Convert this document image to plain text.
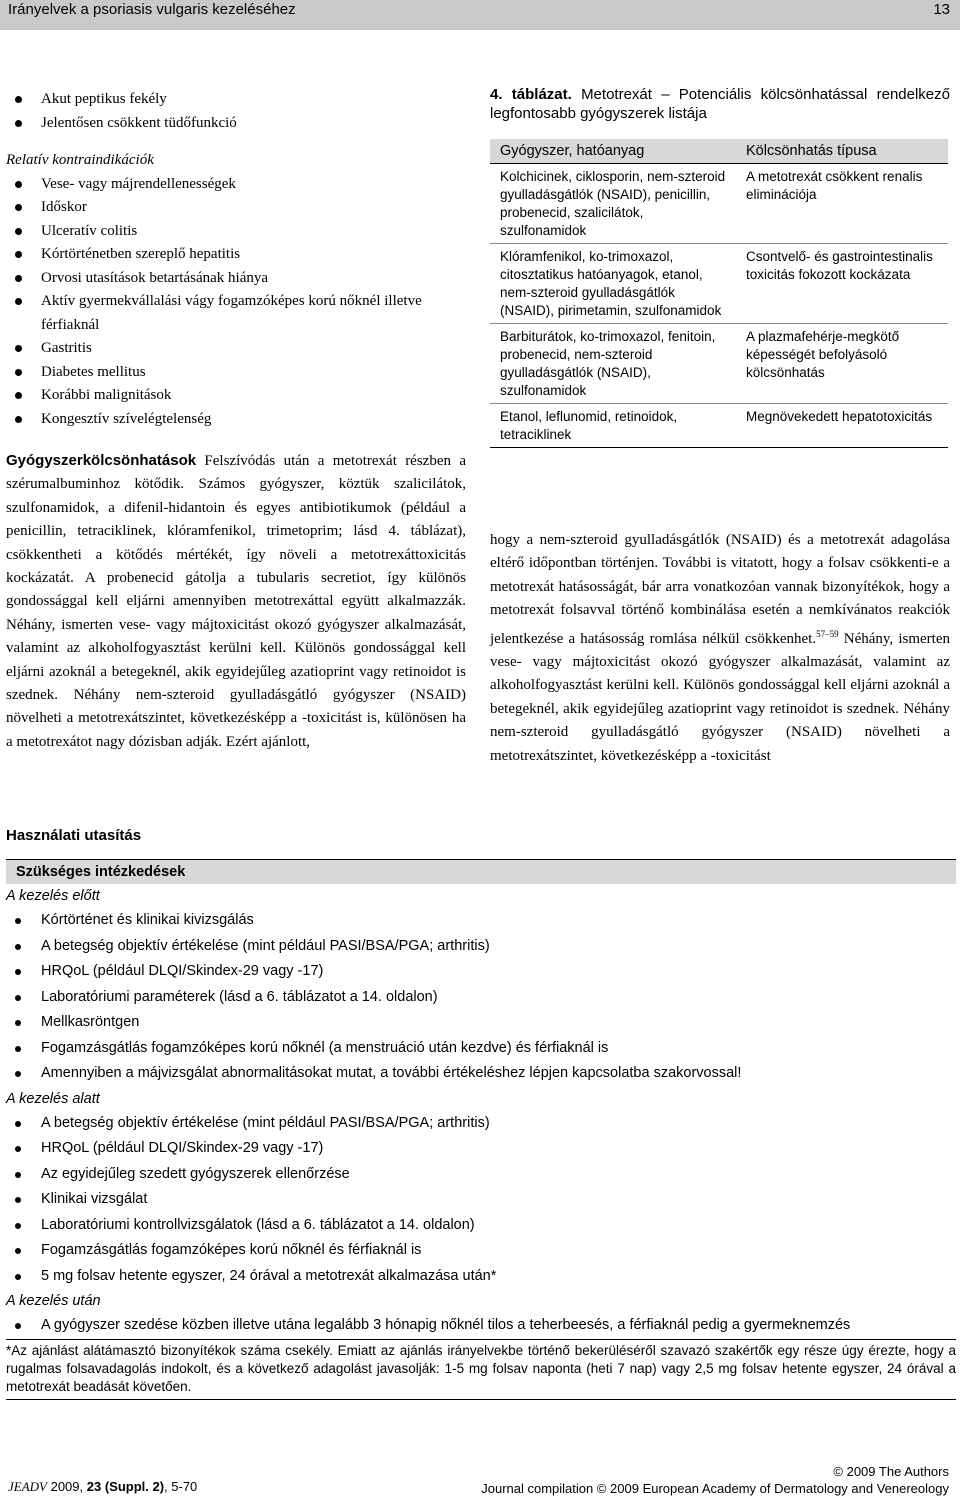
Irányelvek a psoriasis vulgaris kezeléséhez	13
Akut peptikus fekély
Jelentősen csökkent tüdőfunkció
Relatív kontraindikációk
Vese- vagy májrendellenességek
Időskor
Ulceratív colitis
Kórtörténetben szereplő hepatitis
Orvosi utasítások betartásának hiánya
Aktív gyermekvállalási vágy fogamzóképes korú nőknél illetve férfiaknál
Gastritis
Diabetes mellitus
Korábbi malignitások
Kongesztív szívelégtelenség
Gyógyszerkölcsönhatások Felszívódás után a metotrexát részben a szérumalbuminhoz kötődik. Számos gyógyszer, köztük szalicilátok, szulfonamidok, a difenil-hidantoin és egyes antibiotikumok (például a penicillin, tetraciklinek, klóramfenikol, trimetoprim; lásd 4. táblázat), csökkentheti a kötődés mértékét, így növeli a metotrexáttoxicitás kockázatát. A probenecid gátolja a tubularis secretiot, így különös gondossággal kell eljárni amennyiben metotrexáttal együtt alkalmazzák. Néhány, ismerten vese- vagy májtoxicitást okozó gyógyszer alkalmazását, valamint az alkoholfogyasztást kerülni kell. Különös gondossággal kell eljárni azoknál a betegeknél, akik egyidejűleg azatioprint vagy retinoidot is szednek. Néhány nem-szteroid gyulladásgátló gyógyszer (NSAID) növelheti a metotrexátszintet, következésképp a -toxicitást is, különösen ha a metotrexátot nagy dózisban adják. Ezért ajánlott,
4. táblázat. Metotrexát – Potenciális kölcsönhatással rendelkező legfontosabb gyógyszerek listája
Gyógyszer, hatóanyag	Kölcsönhatás típusa
Kolchicinek, ciklosporin, nem-szteroid gyulladásgátlók (NSAID), penicillin, probenecid, szalicilátok, szulfonamidok	A metotrexát csökkent renalis eliminációja
Klóramfenikol, ko-trimoxazol, citosztatikus hatóanyagok, etanol, nem-szteroid gyulladásgátlók (NSAID), pirimetamin, szulfonamidok	Csontvelő- és gastrointestinalis toxicitás fokozott kockázata
Barbiturátok, ko-trimoxazol, fenitoin, probenecid, nem-szteroid gyulladásgátlók (NSAID), szulfonamidok	A plazmafehérje-megkötő képességét befolyásoló kölcsönhatás
Etanol, leflunomid, retinoidok, tetraciklinek	Megnövekedett hepatotoxicitás
hogy a nem-szteroid gyulladásgátlók (NSAID) és a metotrexát adagolása eltérő időpontban történjen. További is vitatott, hogy a folsav csökkenti-e a metotrexát hatásosságát, bár arra vonatkozóan vannak bizonyítékok, hogy a metotrexát folsavval történő kombinálása esetén a nemkívánatos reakciók jelentkezése a hatásosság romlása nélkül csökkenhet.$^{57-59}$ Néhány, ismerten vese- vagy májtoxicitást okozó gyógyszer alkalmazását, valamint az alkoholfogyasztást kerülni kell. Különös gondossággal kell eljárni azoknál a betegeknél, akik egyidejűleg azatioprint vagy retinoidot is szednek. Néhány nem-szteroid gyulladásgátló gyógyszer (NSAID) növelheti a metotrexátszintet, következésképp a -toxicitást
Használati utasítás
Szükséges intézkedések
A kezelés előtt
Kórtörténet és klinikai kivizsgálás
A betegség objektív értékelése (mint például PASI/BSA/PGA; arthritis)
HRQoL (például DLQI/Skindex-29 vagy -17)
Laboratóriumi paraméterek (lásd a 6. táblázatot a 14. oldalon)
Mellkasröntgen
Fogamzásgátlás fogamzóképes korú nőknél (a menstruáció után kezdve) és férfiaknál is
Amennyiben a májvizsgálat abnormalitásokat mutat, a további értékeléshez lépjen kapcsolatba szakorvossal!
A kezelés alatt
A betegség objektív értékelése (mint például PASI/BSA/PGA; arthritis)
HRQoL (például DLQI/Skindex-29 vagy -17)
Az egyidejűleg szedett gyógyszerek ellenőrzése
Klinikai vizsgálat
Laboratóriumi kontrollvizsgálatok (lásd a 6. táblázatot a 14. oldalon)
Fogamzásgátlás fogamzóképes korú nőknél és férfiaknál is
5 mg folsav hetente egyszer, 24 órával a metotrexát alkalmazása után*
A kezelés után
A gyógyszer szedése közben illetve utána legalább 3 hónapig nőknél tilos a teherbeesés, a férfiaknál pedig a gyermeknemzés
*Az ajánlást alátámasztó bizonyítékok száma csekély. Emiatt az ajánlás irányelvekbe történő bekerüléséről szavazó szakértők egy része úgy érezte, hogy a rugalmas folsavadagolás indokolt, és a következő adagolást javasolják: 1-5 mg folsav naponta (heti 7 nap) vagy 2,5 mg folsav hetente egyszer, 24 órával a metotrexát beadását követően.
JEADV 2009, 23 (Suppl. 2), 5-70
© 2009 The Authors
Journal compilation © 2009 European Academy of Dermatology and Venereology
